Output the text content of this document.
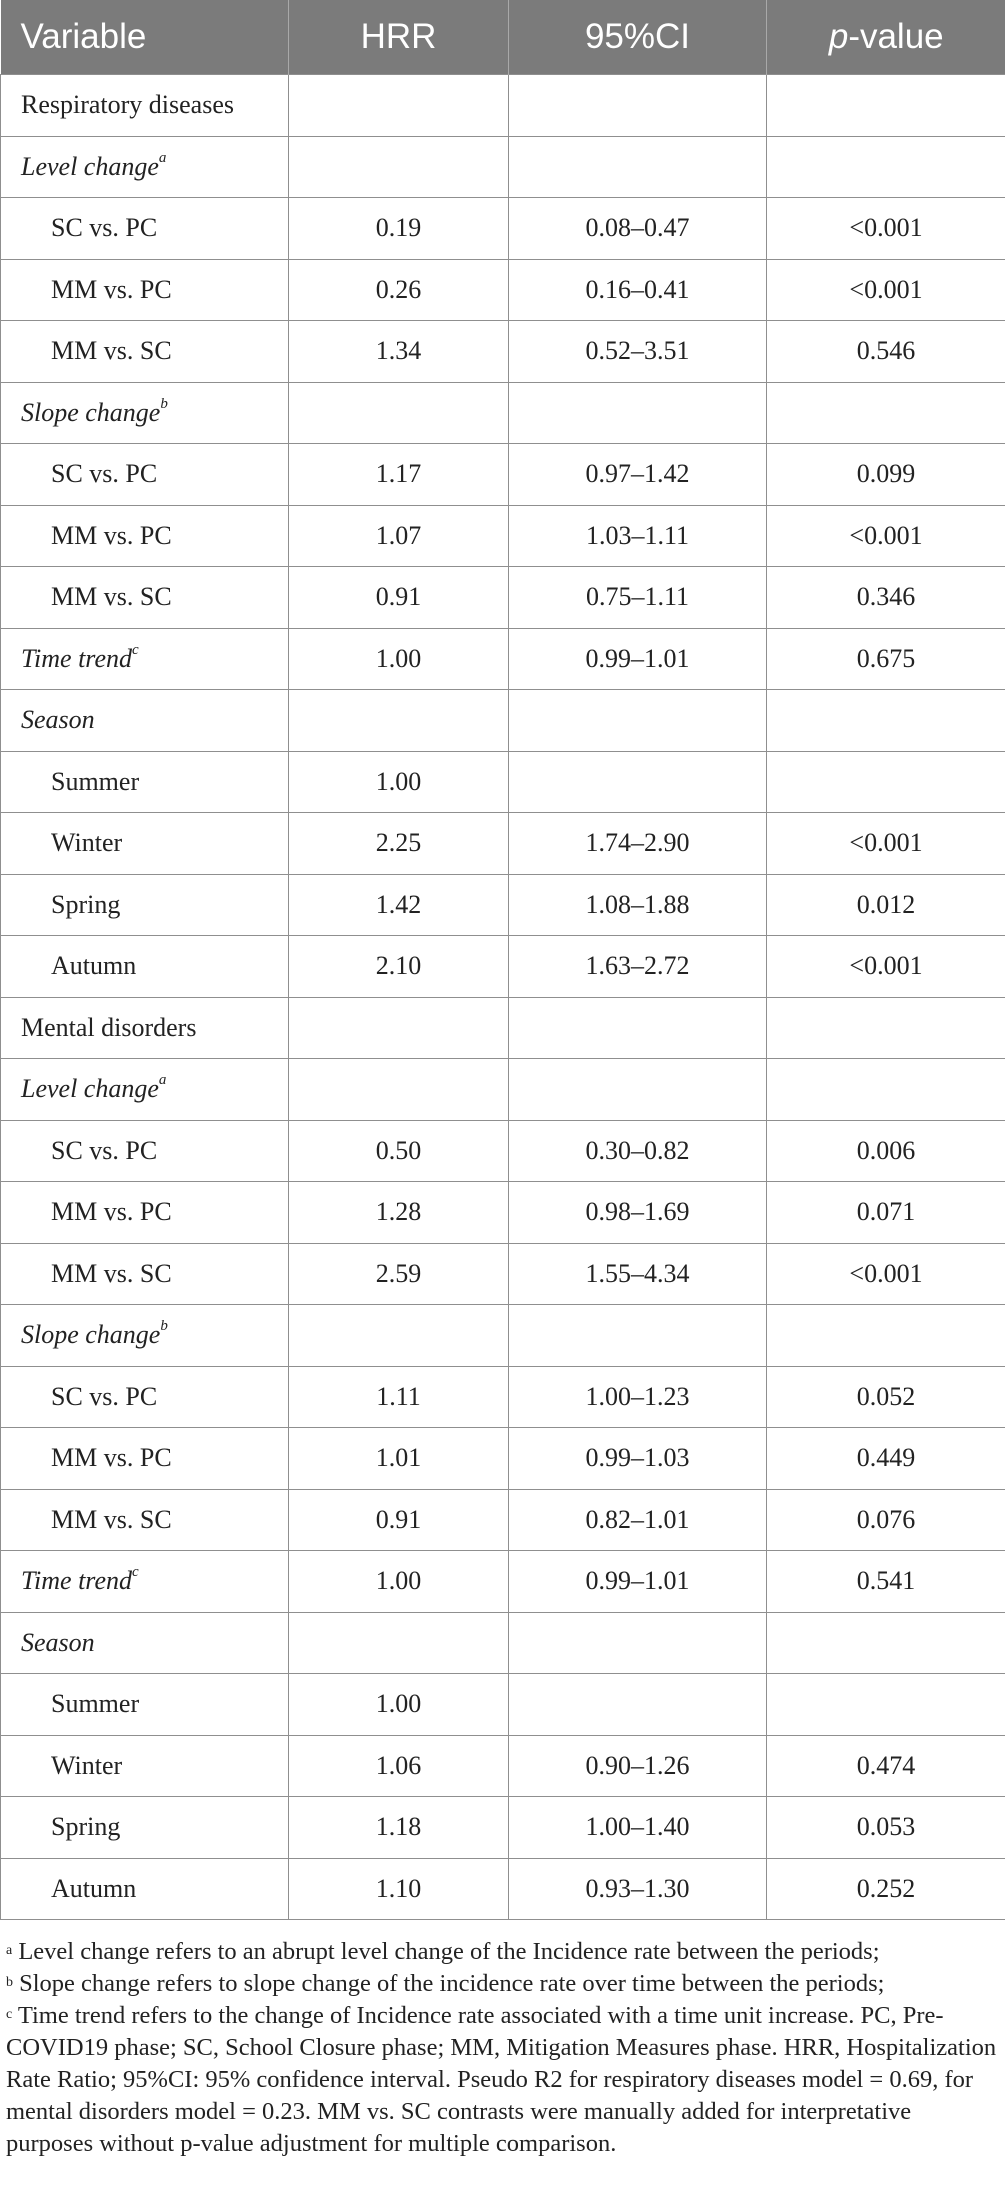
Variable	HRR	95%CI	p-value
Respiratory diseases			
Level change$^a$			
SC vs. PC	0.19	0.08–0.47	<0.001
MM vs. PC	0.26	0.16–0.41	<0.001
MM vs. SC	1.34	0.52–3.51	0.546
Slope change$^b$			
SC vs. PC	1.17	0.97–1.42	0.099
MM vs. PC	1.07	1.03–1.11	<0.001
MM vs. SC	0.91	0.75–1.11	0.346
Time trend$^c$	1.00	0.99–1.01	0.675
Season			
Summer	1.00		
Winter	2.25	1.74–2.90	<0.001
Spring	1.42	1.08–1.88	0.012
Autumn	2.10	1.63–2.72	<0.001
Mental disorders			
Level change$^a$			
SC vs. PC	0.50	0.30–0.82	0.006
MM vs. PC	1.28	0.98–1.69	0.071
MM vs. SC	2.59	1.55–4.34	<0.001
Slope change$^b$			
SC vs. PC	1.11	1.00–1.23	0.052
MM vs. PC	1.01	0.99–1.03	0.449
MM vs. SC	0.91	0.82–1.01	0.076
Time trend$^c$	1.00	0.99–1.01	0.541
Season			
Summer	1.00		
Winter	1.06	0.90–1.26	0.474
Spring	1.18	1.00–1.40	0.053
Autumn	1.10	0.93–1.30	0.252

$^a$ Level change refers to an abrupt level change of the Incidence rate between the periods;

$^b$ Slope change refers to slope change of the incidence rate over time between the periods;

$^c$ Time trend refers to the change of Incidence rate associated with a time unit increase. PC, Pre-COVID19 phase; SC, School Closure phase; MM, Mitigation Measures phase. HRR, Hospitalization Rate Ratio; 95%CI: 95% confidence interval. Pseudo R2 for respiratory diseases model = 0.69, for mental disorders model = 0.23. MM vs. SC contrasts were manually added for interpretative purposes without p-value adjustment for multiple comparison.
